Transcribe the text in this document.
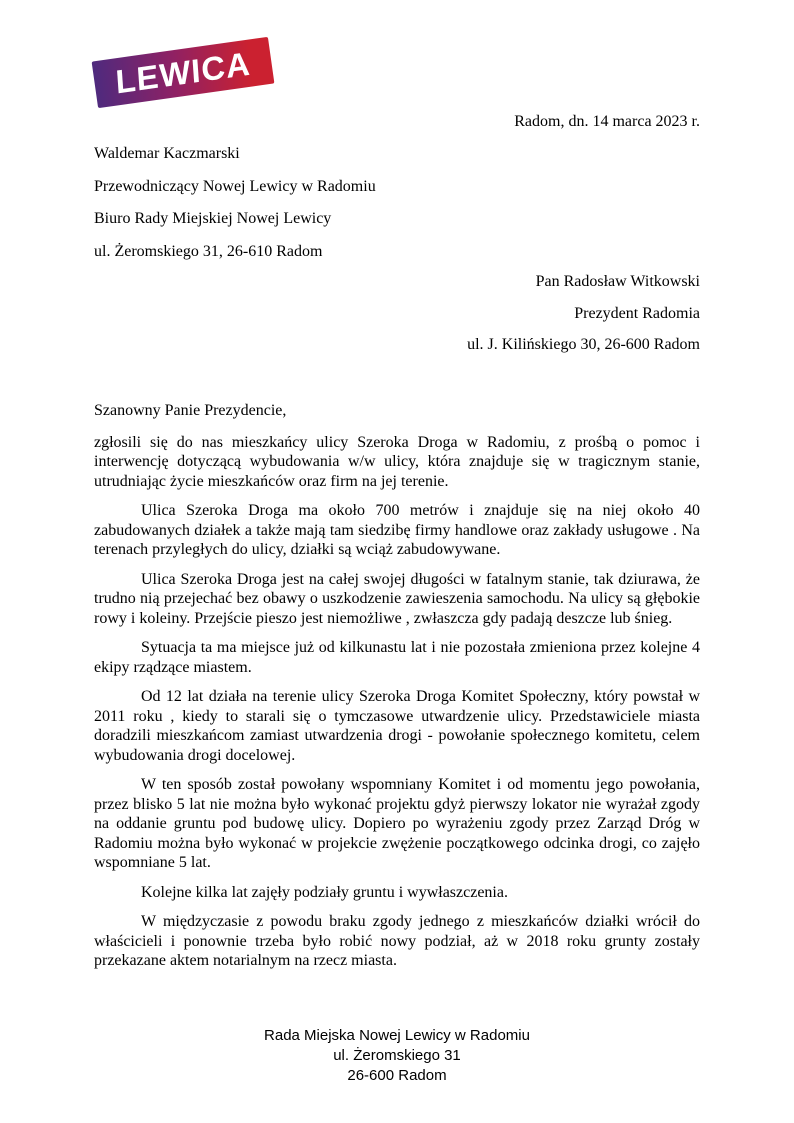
LEWICA
Radom, dn. 14 marca 2023 r.

Waldemar Kaczmarski

Przewodniczący Nowej Lewicy w Radomiu

Biuro Rady Miejskiej Nowej Lewicy

ul. Żeromskiego 31, 26-610 Radom

Pan Radosław Witkowski

Prezydent Radomia

ul. J. Kilińskiego 30, 26-600 Radom

Szanowny Panie Prezydencie,

zgłosili się do nas mieszkańcy ulicy Szeroka Droga w Radomiu, z prośbą o pomoc i interwencję dotyczącą wybudowania w/w ulicy, która znajduje się w tragicznym stanie, utrudniając życie mieszkańców oraz firm na jej terenie.

Ulica Szeroka Droga ma około 700 metrów i znajduje się na niej około 40 zabudowanych działek a także mają tam siedzibę firmy handlowe oraz zakłady usługowe . Na terenach przyległych do ulicy, działki są wciąż zabudowywane.

Ulica Szeroka Droga jest na całej swojej długości w fatalnym stanie, tak dziurawa, że trudno nią przejechać bez obawy o uszkodzenie zawieszenia samochodu. Na ulicy są głębokie rowy i koleiny. Przejście pieszo jest niemożliwe , zwłaszcza gdy padają deszcze lub śnieg.

Sytuacja ta ma miejsce już od kilkunastu lat i nie pozostała zmieniona przez kolejne 4 ekipy rządzące miastem.

Od 12 lat działa na terenie ulicy Szeroka Droga Komitet Społeczny, który powstał w 2011 roku , kiedy to starali się o tymczasowe utwardzenie ulicy. Przedstawiciele miasta doradzili mieszkańcom zamiast utwardzenia drogi - powołanie społecznego komitetu, celem wybudowania drogi docelowej.

W ten sposób został powołany wspomniany Komitet i od momentu jego powołania, przez blisko 5 lat nie można było wykonać projektu gdyż pierwszy lokator nie wyrażał zgody na oddanie gruntu pod budowę ulicy. Dopiero po wyrażeniu zgody przez Zarząd Dróg w Radomiu można było wykonać w projekcie zwężenie początkowego odcinka drogi, co zajęło wspomniane 5 lat.

Kolejne kilka lat zajęły podziały gruntu i wywłaszczenia.

W międzyczasie z powodu braku zgody jednego z mieszkańców działki wrócił do właścicieli i ponownie trzeba było robić nowy podział, aż w 2018 roku grunty zostały przekazane aktem notarialnym na rzecz miasta.

Rada Miejska Nowej Lewicy w Radomiu

ul. Żeromskiego 31

26-600 Radom
